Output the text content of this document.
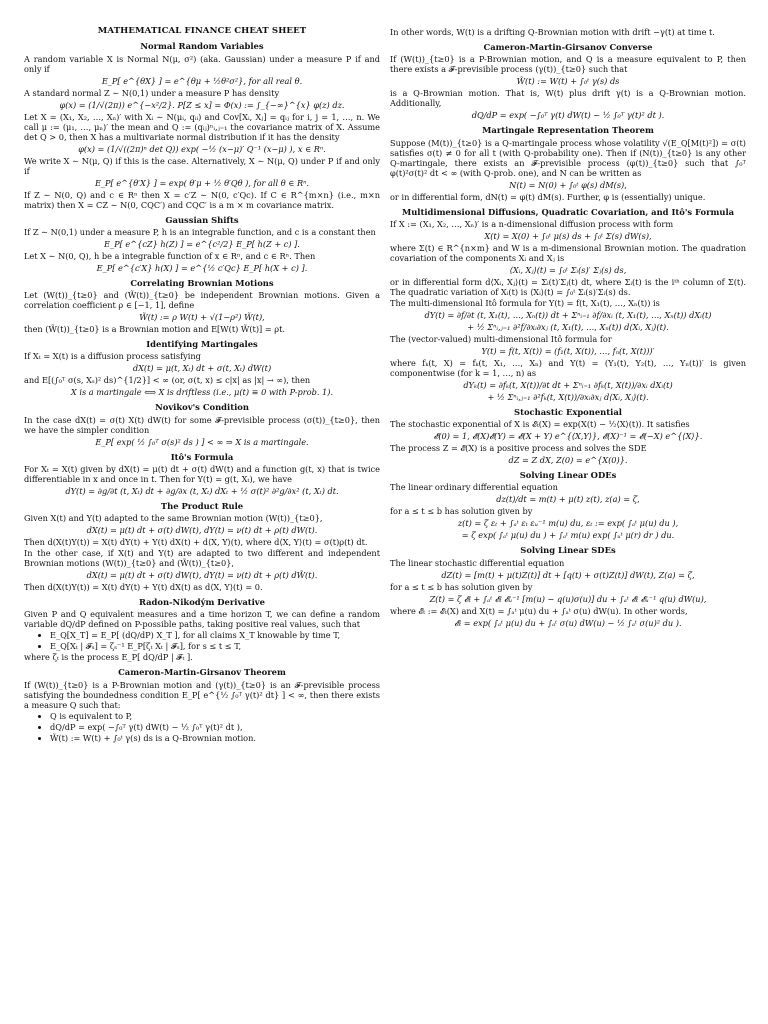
MATHEMATICAL FINANCE CHEAT SHEET
Normal Random Variables

A random variable X is Normal N(μ, σ²) (aka. Gaussian) under a measure P if and only if

E_P[ e^{θX} ] = e^{θμ + ½θ²σ²}, for all real θ.

A standard normal Z ∼ N(0,1) under a measure P has density

φ(x) = (1/√(2π)) e^{−x²/2}. P[Z ≤ x] = Φ(x) := ∫_{−∞}^{x} φ(z) dz.

Let X = (X₁, X₂, …, Xₙ)′ with Xᵢ ∼ N(μᵢ, qᵢᵢ) and Cov[Xᵢ, Xⱼ] = qᵢⱼ for i, j = 1, …, n. We call μ := (μ₁, …, μₙ)′ the mean and Q := (qᵢⱼ)ⁿᵢ,ⱼ₌₁ the covariance matrix of X. Assume det Q > 0, then X has a multivariate normal distribution if it has the density

φ(x) = (1/√((2π)ⁿ det Q)) exp( −½ (x−μ)′ Q⁻¹ (x−μ) ), x ∈ Rⁿ.

We write X ∼ N(μ, Q) if this is the case. Alternatively, X ∼ N(μ, Q) under P if and only if

E_P[ e^{θ′X} ] = exp( θ′μ + ½ θ′Qθ ), for all θ ∈ Rⁿ.

If Z ∼ N(0, Q) and c ∈ Rⁿ then X = c′Z ∼ N(0, c′Qc). If C ∈ R^{m×n} (i.e., m×n matrix) then X = CZ ∼ N(0, CQC′) and CQC′ is a m × m covariance matrix.

Gaussian Shifts

If Z ∼ N(0,1) under a measure P, h is an integrable function, and c is a constant then

E_P[ e^{cZ} h(Z) ] = e^{c²/2} E_P[ h(Z + c) ].

Let X ∼ N(0, Q), h be a integrable function of x ∈ Rⁿ, and c ∈ Rⁿ. Then

E_P[ e^{c′X} h(X) ] = e^{½ c′Qc} E_P[ h(X + c) ].
Correlating Brownian Motions

Let (W(t))_{t≥0} and (W̃(t))_{t≥0} be independent Brownian motions. Given a correlation coefficient ρ ∈ [−1, 1], define

W̃(t) := ρ W(t) + √(1−ρ²) W̃(t),

then (W̃(t))_{t≥0} is a Brownian motion and E[W(t) W̃(t)] = ρt.

Identifying Martingales

If Xₜ = X(t) is a diffusion process satisfying

dX(t) = μ(t, Xₜ) dt + σ(t, Xₜ) dW(t)

and E[(∫₀ᵀ σ(s, Xₛ)² ds)^{1/2}] < ∞ (or, σ(t, x) ≤ c|x| as |x| → ∞), then

X is a martingale ⟺ X is driftless (i.e., μ(t) ≡ 0 with P-prob. 1).
Novikov's Condition

In the case dX(t) = σ(t) X(t) dW(t) for some 𝓕-previsible process (σ(t))_{t≥0}, then we have the simpler condition

E_P[ exp( ½ ∫₀ᵀ σ(s)² ds ) ] < ∞ ⇒ X is a martingale.
Itô's Formula

For Xₜ = X(t) given by dX(t) = μ(t) dt + σ(t) dW(t) and a function g(t, x) that is twice differentiable in x and once in t. Then for Y(t) = g(t, Xₜ), we have

dY(t) = ∂g/∂t (t, Xₜ) dt + ∂g/∂x (t, Xₜ) dXₜ + ½ σ(t)² ∂²g/∂x² (t, Xₜ) dt.
The Product Rule

Given X(t) and Y(t) adapted to the same Brownian motion (W(t))_{t≥0},

dX(t) = μ(t) dt + σ(t) dW(t), dY(t) = ν(t) dt + ρ(t) dW(t).

Then d(X(t)Y(t)) = X(t) dY(t) + Y(t) dX(t) + d⟨X, Y⟩(t), where d⟨X, Y⟩(t) = σ(t)ρ(t) dt.

In the other case, if X(t) and Y(t) are adapted to two different and independent Brownian motions (W(t))_{t≥0} and (W̃(t))_{t≥0},

dX(t) = μ(t) dt + σ(t) dW(t), dY(t) = ν(t) dt + ρ(t) dW̃(t).

Then d(X(t)Y(t)) = X(t) dY(t) + Y(t) dX(t) as d⟨X, Y⟩(t) = 0.

Radon-Nikodým Derivative

Given P and Q equivalent measures and a time horizon T, we can define a random variable dQ/dP defined on P-possible paths, taking positive real values, such that

• E_Q[X_T] = E_P[ (dQ/dP) X_T ], for all claims X_T knowable by time T,
• E_Q[Xₜ | 𝓕ₛ] = ζₛ⁻¹ E_P[ζₜ Xₜ | 𝓕ₛ], for s ≤ t ≤ T,

where ζₜ is the process E_P[ dQ/dP | 𝓕ₜ ].

Cameron-Martin-Girsanov Theorem

If (W(t))_{t≥0} is a P-Brownian motion and (γ(t))_{t≥0} is an 𝓕-previsible process satisfying the boundedness condition E_P[ e^{½ ∫₀ᵀ γ(t)² dt} ] < ∞, then there exists a measure Q such that:

• Q is equivalent to P,
• dQ/dP = exp( −∫₀ᵀ γ(t) dW(t) − ½ ∫₀ᵀ γ(t)² dt ),
• W̃(t) := W(t) + ∫₀ᵗ γ(s) ds is a Q-Brownian motion.

In other words, W(t) is a drifting Q-Brownian motion with drift −γ(t) at time t.

Cameron-Martin-Girsanov Converse

If (W(t))_{t≥0} is a P-Brownian motion, and Q is a measure equivalent to P, then there exists a 𝓕-previsible process (γ(t))_{t≥0} such that

W̃(t) := W(t) + ∫₀ᵗ γ(s) ds

is a Q-Brownian motion. That is, W(t) plus drift γ(t) is a Q-Brownian motion. Additionally,

dQ/dP = exp( −∫₀ᵀ γ(t) dW(t) − ½ ∫₀ᵀ γ(t)² dt ).
Martingale Representation Theorem

Suppose (M(t))_{t≥0} is a Q-martingale process whose volatility √(E_Q[M(t)²]) = σ(t) satisfies σ(t) ≠ 0 for all t (with Q-probability one). Then if (N(t))_{t≥0} is any other Q-martingale, there exists an 𝓕-previsible process (φ(t))_{t≥0} such that ∫₀ᵀ φ(t)²σ(t)² dt < ∞ (with Q-prob. one), and N can be written as

N(t) = N(0) + ∫₀ᵗ φ(s) dM(s),

or in differential form, dN(t) = φ(t) dM(s). Further, φ is (essentially) unique.

Multidimensional Diffusions, Quadratic Covariation, and Itô's Formula

If X := (X₁, X₂, …, Xₙ)′ is a n-dimensional diffusion process with form

X(t) = X(0) + ∫₀ᵗ μ(s) ds + ∫₀ᵗ Σ(s) dW(s),

where Σ(t) ∈ R^{n×m} and W is a m-dimensional Brownian motion. The quadration covariation of the components Xᵢ and Xⱼ is

⟨Xᵢ, Xⱼ⟩(t) = ∫₀ᵗ Σᵢ(s)′ Σⱼ(s) ds,

or in differential form d⟨Xᵢ, Xⱼ⟩(t) = Σᵢ(t)′Σⱼ(t) dt, where Σᵢ(t) is the iᵗʰ column of Σ(t). The quadratic variation of Xᵢ(t) is ⟨Xᵢ⟩(t) = ∫₀ᵗ Σᵢ(s)′Σᵢ(s) ds.

The multi-dimensional Itô formula for Y(t) = f(t, X₁(t), …, Xₙ(t)) is

dY(t) = ∂f/∂t (t, X₁(t), …, Xₙ(t)) dt + Σⁿᵢ₌₁ ∂f/∂xᵢ (t, X₁(t), …, Xₙ(t)) dXᵢ(t)
+ ½ Σⁿᵢ,ⱼ₌₁ ∂²f/∂xᵢ∂xⱼ (t, X₁(t), …, Xₙ(t)) d⟨Xᵢ, Xⱼ⟩(t).

The (vector-valued) multi-dimensional Itô formula for

Y(t) = f(t, X(t)) = (f₁(t, X(t)), …, fₙ(t, X(t)))′

where fₖ(t, X) = fₖ(t, X₁, …, Xₙ) and Y(t) = (Y₁(t), Y₂(t), …, Yₙ(t))′ is given componentwise (for k = 1, …, n) as

dYₖ(t) = ∂fₖ(t, X(t))/∂t dt + Σⁿᵢ₌₁ ∂fₖ(t, X(t))/∂xᵢ dXᵢ(t)
+ ½ Σⁿᵢ,ⱼ₌₁ ∂²fₖ(t, X(t))/∂xᵢ∂xⱼ d⟨Xᵢ, Xⱼ⟩(t).
Stochastic Exponential

The stochastic exponential of X is 𝓔ₜ(X) = exp(X(t) − ½⟨X⟩(t)). It satisfies

𝓔(0) = 1, 𝓔(X)𝓔(Y) = 𝓔(X + Y) e^{⟨X,Y⟩}, 𝓔(X)⁻¹ = 𝓔(−X) e^{⟨X⟩}.

The process Z = 𝓔(X) is a positive process and solves the SDE

dZ = Z dX, Z(0) = e^{X(0)}.
Solving Linear ODEs

The linear ordinary differential equation

dz(t)/dt = m(t) + μ(t) z(t), z(a) = ζ,

for a ≤ t ≤ b has solution given by

z(t) = ζ εₜ + ∫ₐᵗ εₜ εᵤ⁻¹ m(u) du, εₜ := exp( ∫ₐᵗ μ(u) du ),
= ζ exp( ∫ₐᵗ μ(u) du ) + ∫ₐᵗ m(u) exp( ∫ᵤᵗ μ(r) dr ) du.
Solving Linear SDEs

The linear stochastic differential equation

dZ(t) = [m(t) + μ(t)Z(t)] dt + [q(t) + σ(t)Z(t)] dW(t), Z(a) = ζ,

for a ≤ t ≤ b has solution given by

Z(t) = ζ 𝓔ₜ + ∫ₐᵗ 𝓔ₜ 𝓔ᵤ⁻¹ [m(u) − q(u)σ(u)] du + ∫ₐᵗ 𝓔ₜ 𝓔ᵤ⁻¹ q(u) dW(u),

where 𝓔ₜ := 𝓔ₜ(X) and X(t) = ∫ₐᵗ μ(u) du + ∫ₐᵗ σ(u) dW(u). In other words,

𝓔ₜ = exp( ∫ₐᵗ μ(u) du + ∫ₐᵗ σ(u) dW(u) − ½ ∫ₐᵗ σ(u)² du ).
